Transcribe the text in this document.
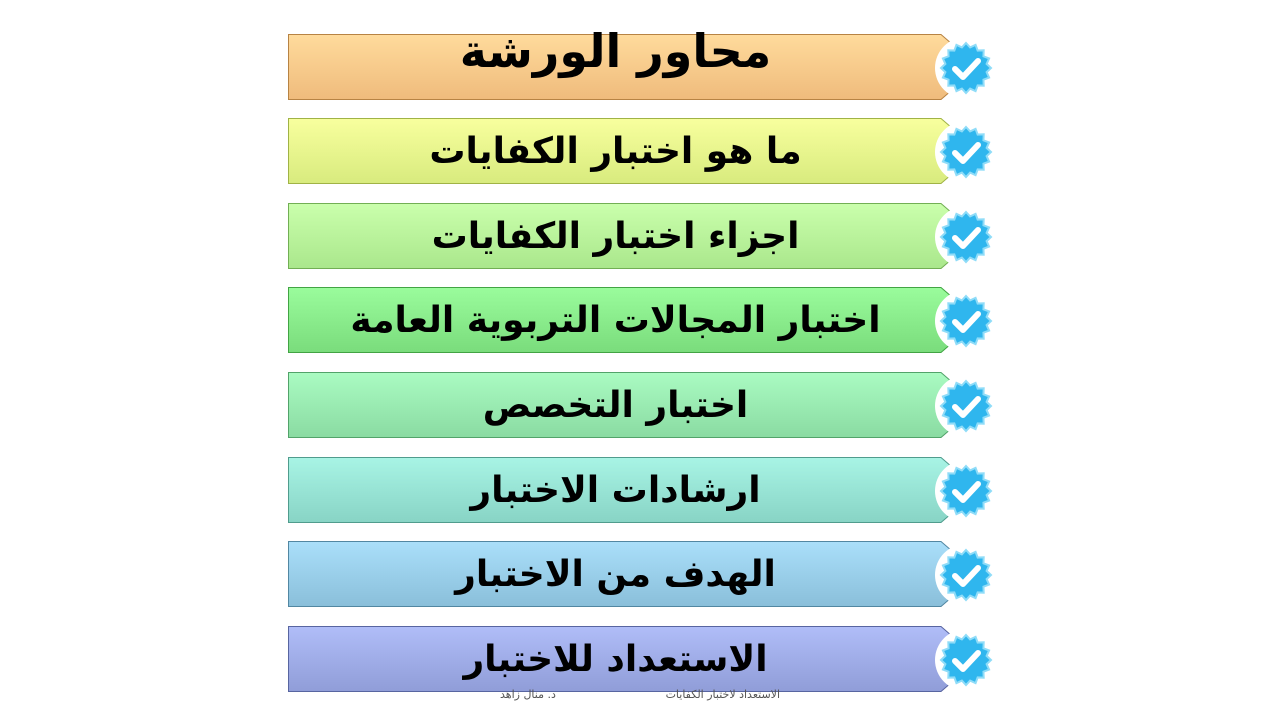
محاور الورشة
ما هو اختبار الكفايات
اجزاء اختبار الكفايات
اختبار المجالات التربوية العامة
اختبار التخصص
ارشادات الاختبار
الهدف من الاختبار
الاستعداد للاختبار
الاستعداد لاختبار الكفايات
د. منال زاهد
